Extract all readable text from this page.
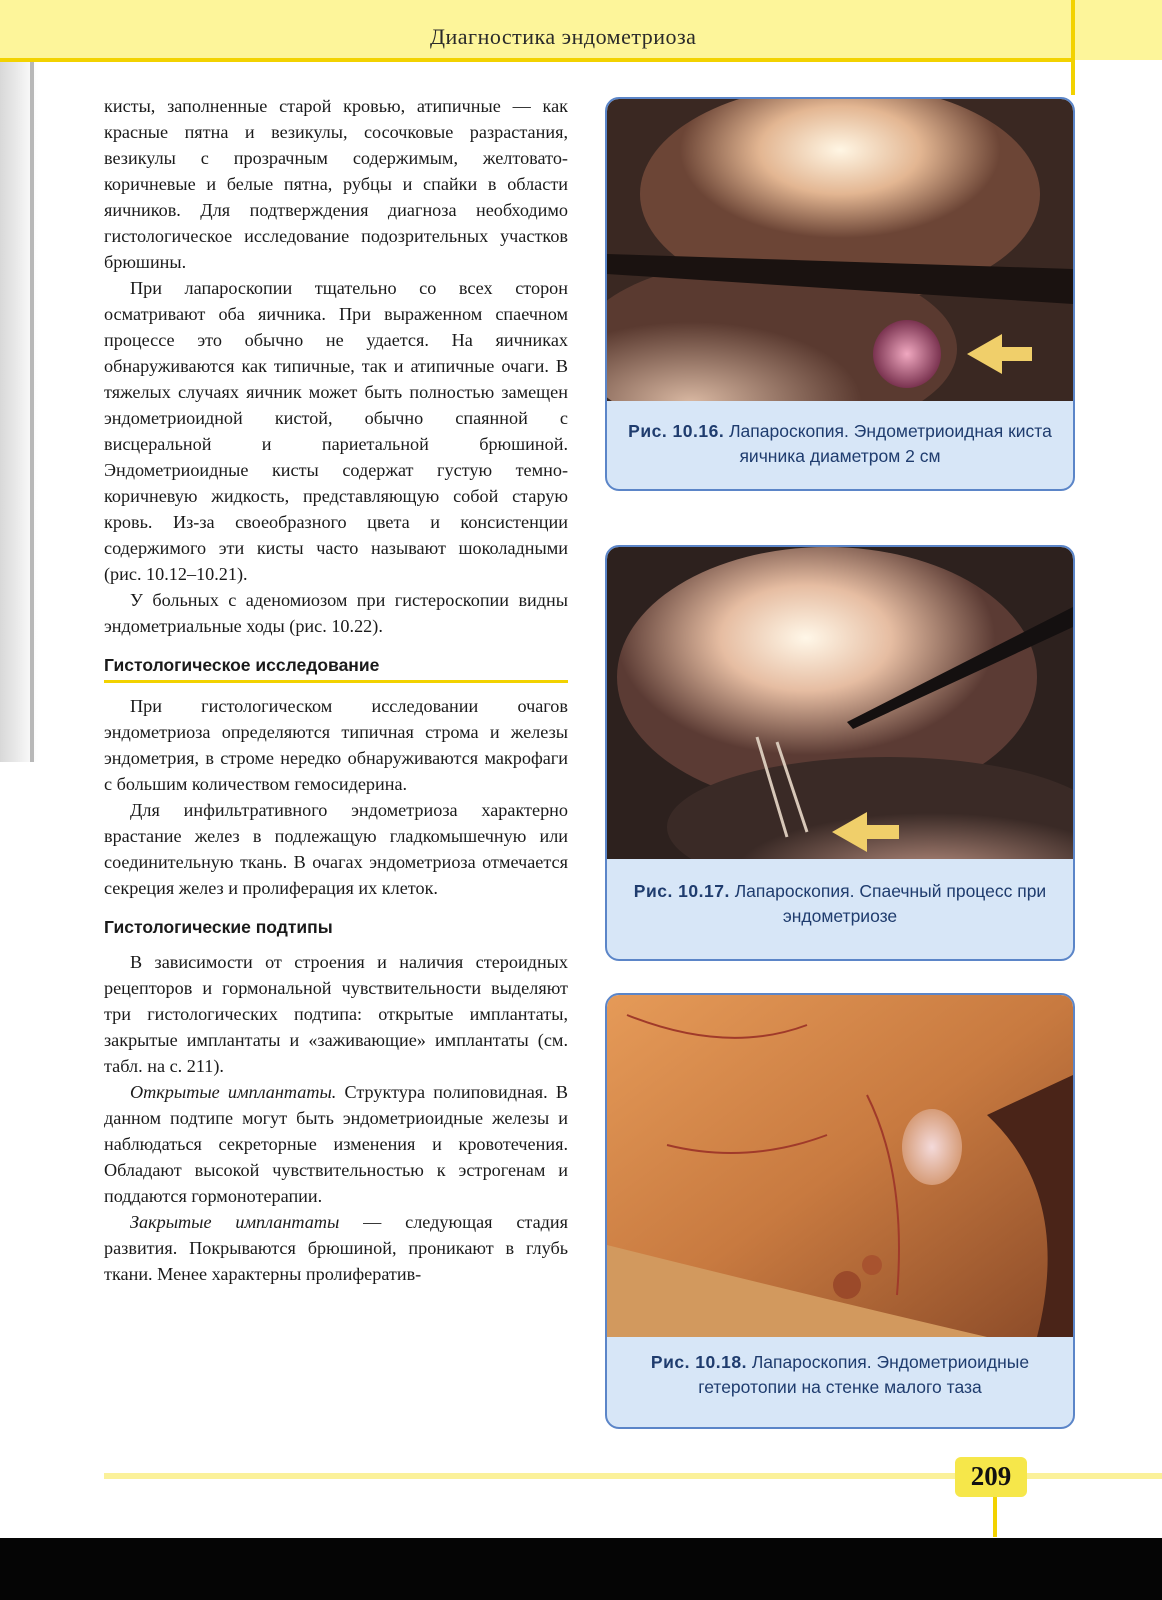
Диагностика эндометриоза

кисты, заполненные старой кровью, атипичные — как красные пятна и везикулы, сосочковые разрастания, везикулы с прозрачным содержимым, желтовато-коричневые и белые пятна, рубцы и спайки в области яичников. Для подтверждения диагноза необходимо гистологическое исследование подозрительных участков брюшины.

При лапароскопии тщательно со всех сторон осматривают оба яичника. При выраженном спаечном процессе это обычно не удается. На яичниках обнаруживаются как типичные, так и атипичные очаги. В тяжелых случаях яичник может быть полностью замещен эндометриоидной кистой, обычно спаянной с висцеральной и париетальной брюшиной. Эндометриоидные кисты содержат густую темно-коричневую жидкость, представляющую собой старую кровь. Из-за своеобразного цвета и консистенции содержимого эти кисты часто называют шоколадными (рис. 10.12–10.21).

У больных с аденомиозом при гистероскопии видны эндометриальные ходы (рис. 10.22).

Гистологическое исследование

При гистологическом исследовании очагов эндометриоза определяются типичная строма и железы эндометрия, в строме нередко обнаруживаются макрофаги с большим количеством гемосидерина.

Для инфильтративного эндометриоза характерно врастание желез в подлежащую гладкомышечную или соединительную ткань. В очагах эндометриоза отмечается секреция желез и пролиферация их клеток.

Гистологические подтипы

В зависимости от строения и наличия стероидных рецепторов и гормональной чувствительности выделяют три гистологических подтипа: открытые имплантаты, закрытые имплантаты и «заживающие» имплантаты (см. табл. на с. 211).

Открытые имплантаты. Структура полиповидная. В данном подтипе могут быть эндометриоидные железы и наблюдаться секреторные изменения и кровотечения. Обладают высокой чувствительностью к эстрогенам и поддаются гормонотерапии.

Закрытые имплантаты — следующая стадия развития. Покрываются брюшиной, проникают в глубь ткани. Менее характерны пролифератив-

Рис. 10.16. Лапароскопия. Эндометриоидная киста яичника диаметром 2 см
Рис. 10.17. Лапароскопия. Спаечный процесс при эндометриозе
Рис. 10.18. Лапароскопия. Эндометриоидные гетеротопии на стенке малого таза
209
